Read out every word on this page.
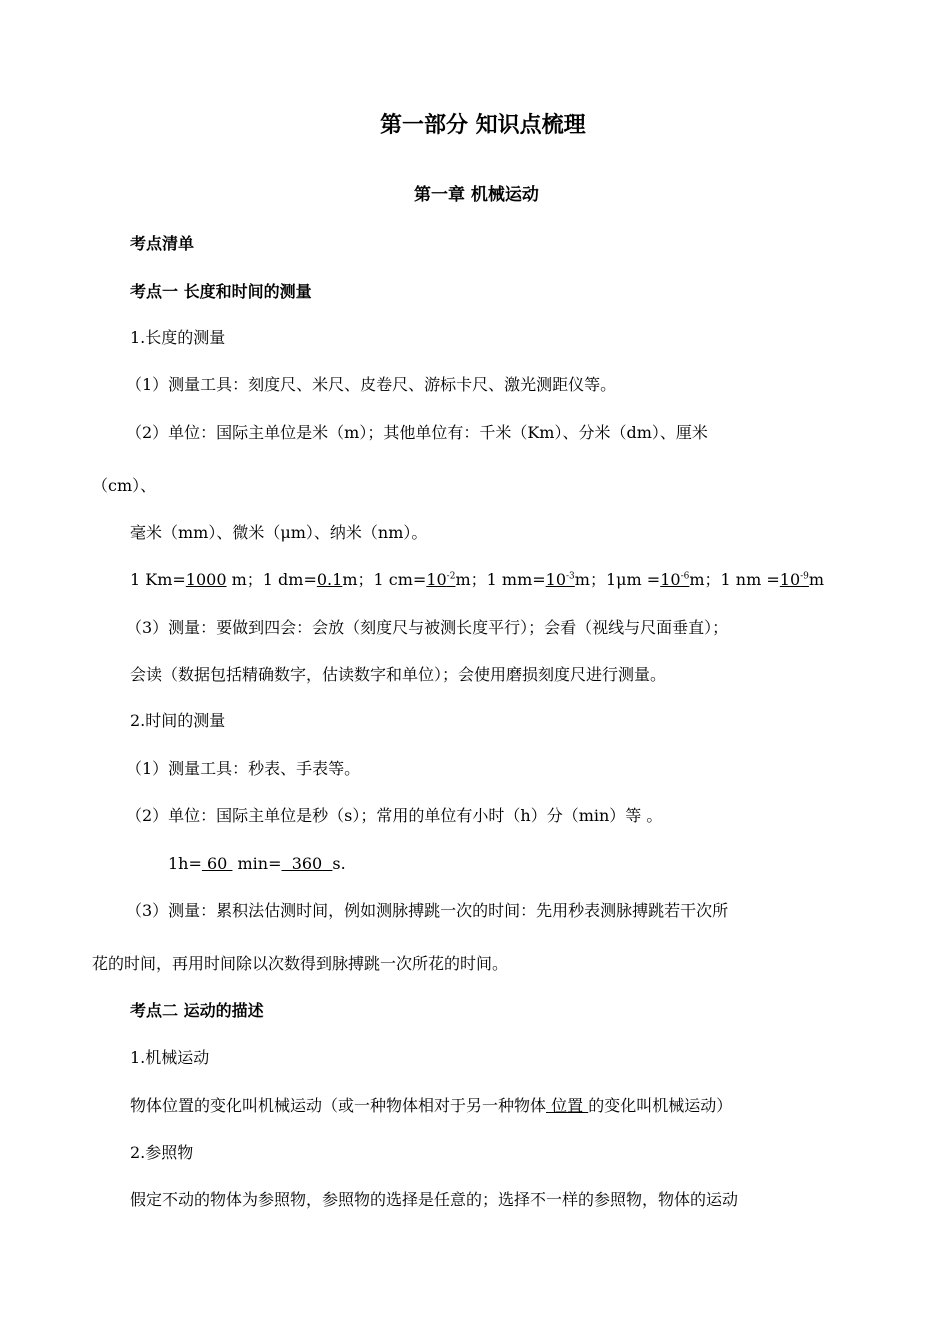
第一部分 知识点梳理
第一章 机械运动
考点清单
考点一 长度和时间的测量
1.长度的测量
（1）测量工具：刻度尺、米尺、皮卷尺、游标卡尺、激光测距仪等。
（2）单位：国际主单位是米（m）；其他单位有：千米（Km）、分米（dm）、厘米
（cm）、
毫米（mm）、微米（μm）、纳米（nm）。
1 Km=1000 m；1 dm=0.1m；1 $cm=10^{-2}m$；1 $mm=10^{-3}m$；$1\mu m =10^{-6}m$；1 nm $=10^{-9}m$
（3）测量：要做到四会：会放（刻度尺与被测长度平行）；会看（视线与尺面垂直）；
会读（数据包括精确数字，估读数字和单位）；会使用磨损刻度尺进行测量。
2.时间的测量
（1）测量工具：秒表、手表等。
（2）单位：国际主单位是秒（s）；常用的单位有小时（h）分（min）等 。
1h= 60  min=  360  s.
（3）测量：累积法估测时间，例如测脉搏跳一次的时间：先用秒表测脉搏跳若干次所
花的时间，再用时间除以次数得到脉搏跳一次所花的时间。
考点二 运动的描述
1.机械运动
物体位置的变化叫机械运动（或一种物体相对于另一种物体 位置 的变化叫机械运动）
2.参照物
假定不动的物体为参照物，参照物的选择是任意的；选择不一样的参照物，物体的运动
